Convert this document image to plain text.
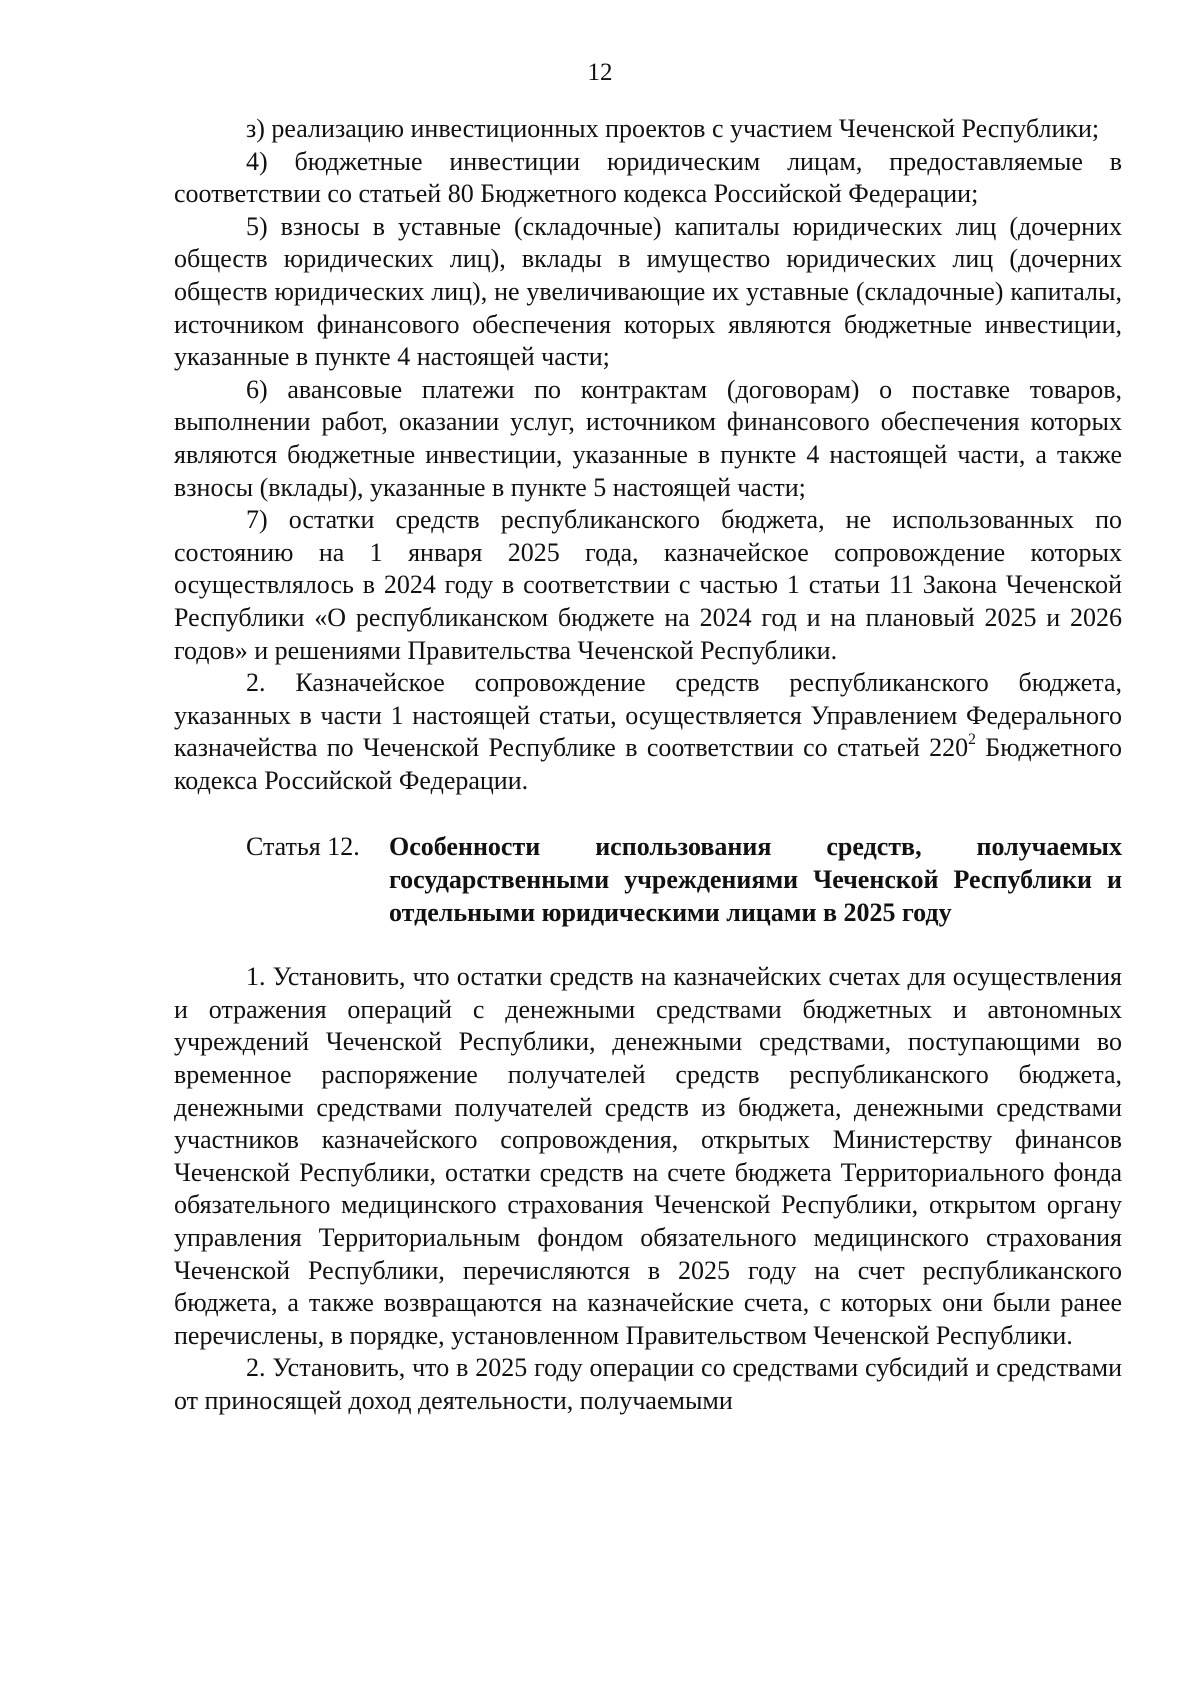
12

з) реализацию инвестиционных проектов с участием Чеченской Республики;

4) бюджетные инвестиции юридическим лицам, предоставляемые в соответствии со статьей 80 Бюджетного кодекса Российской Федерации;

5) взносы в уставные (складочные) капиталы юридических лиц (дочерних обществ юридических лиц), вклады в имущество юридических лиц (дочерних обществ юридических лиц), не увеличивающие их уставные (складочные) капиталы, источником финансового обеспечения которых являются бюджетные инвестиции, указанные в пункте 4 настоящей части;

6) авансовые платежи по контрактам (договорам) о поставке товаров, выполнении работ, оказании услуг, источником финансового обеспечения которых являются бюджетные инвестиции, указанные в пункте 4 настоящей части, а также взносы (вклады), указанные в пункте 5 настоящей части;

7) остатки средств республиканского бюджета, не использованных по состоянию на 1 января 2025 года, казначейское сопровождение которых осуществлялось в 2024 году в соответствии с частью 1 статьи 11 Закона Чеченской Республики «О республиканском бюджете на 2024 год и на плановый 2025 и 2026 годов» и решениями Правительства Чеченской Республики.

2. Казначейское сопровождение средств республиканского бюджета, указанных в части 1 настоящей статьи, осуществляется Управлением Федерального казначейства по Чеченской Республике в соответствии со статьей $220^2$ Бюджетного кодекса Российской Федерации.

Статья 12.	Особенности использования средств, получаемых государственными учреждениями Чеченской Республики и отдельными юридическими лицами в 2025 году

1. Установить, что остатки средств на казначейских счетах для осуществления и отражения операций с денежными средствами бюджетных и автономных учреждений Чеченской Республики, денежными средствами, поступающими во временное распоряжение получателей средств республиканского бюджета, денежными средствами получателей средств из бюджета, денежными средствами участников казначейского сопровождения, открытых Министерству финансов Чеченской Республики, остатки средств на счете бюджета Территориального фонда обязательного медицинского страхования Чеченской Республики, открытом органу управления Территориальным фондом обязательного медицинского страхования Чеченской Республики, перечисляются в 2025 году на счет республиканского бюджета, а также возвращаются на казначейские счета, с которых они были ранее перечислены, в порядке, установленном Правительством Чеченской Республики.

2. Установить, что в 2025 году операции со средствами субсидий и средствами от приносящей доход деятельности, получаемыми
